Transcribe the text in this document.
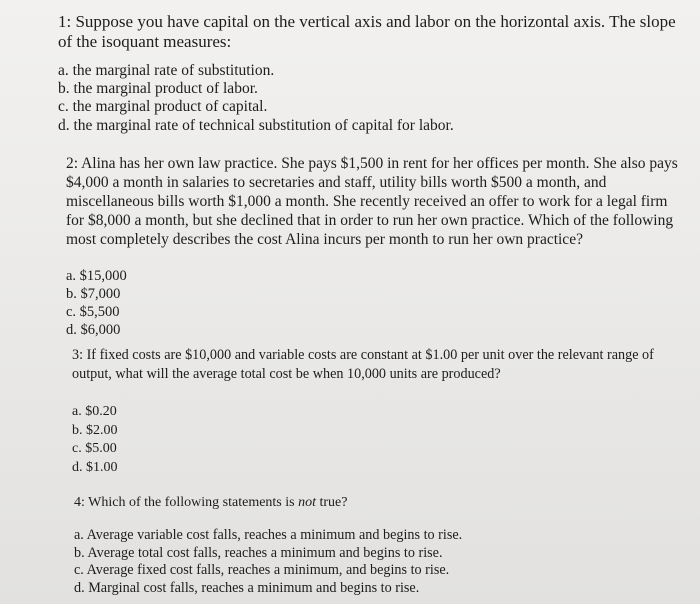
1: Suppose you have capital on the vertical axis and labor on the horizontal axis. The slope of the isoquant measures:

a. the marginal rate of substitution.
b. the marginal product of labor.
c. the marginal product of capital.
d. the marginal rate of technical substitution of capital for labor.

2: Alina has her own law practice. She pays $1,500 in rent for her offices per month. She also pays $4,000 a month in salaries to secretaries and staff, utility bills worth $500 a month, and miscellaneous bills worth $1,000 a month. She recently received an offer to work for a legal firm for $8,000 a month, but she declined that in order to run her own practice. Which of the following most completely describes the cost Alina incurs per month to run her own practice?

a. $15,000
b. $7,000
c. $5,500
d. $6,000

3: If fixed costs are $10,000 and variable costs are constant at $1.00 per unit over the relevant range of output, what will the average total cost be when 10,000 units are produced?

a. $0.20
b. $2.00
c. $5.00
d. $1.00

4: Which of the following statements is not true?

a. Average variable cost falls, reaches a minimum and begins to rise.
b. Average total cost falls, reaches a minimum and begins to rise.
c. Average fixed cost falls, reaches a minimum, and begins to rise.
d. Marginal cost falls, reaches a minimum and begins to rise.
